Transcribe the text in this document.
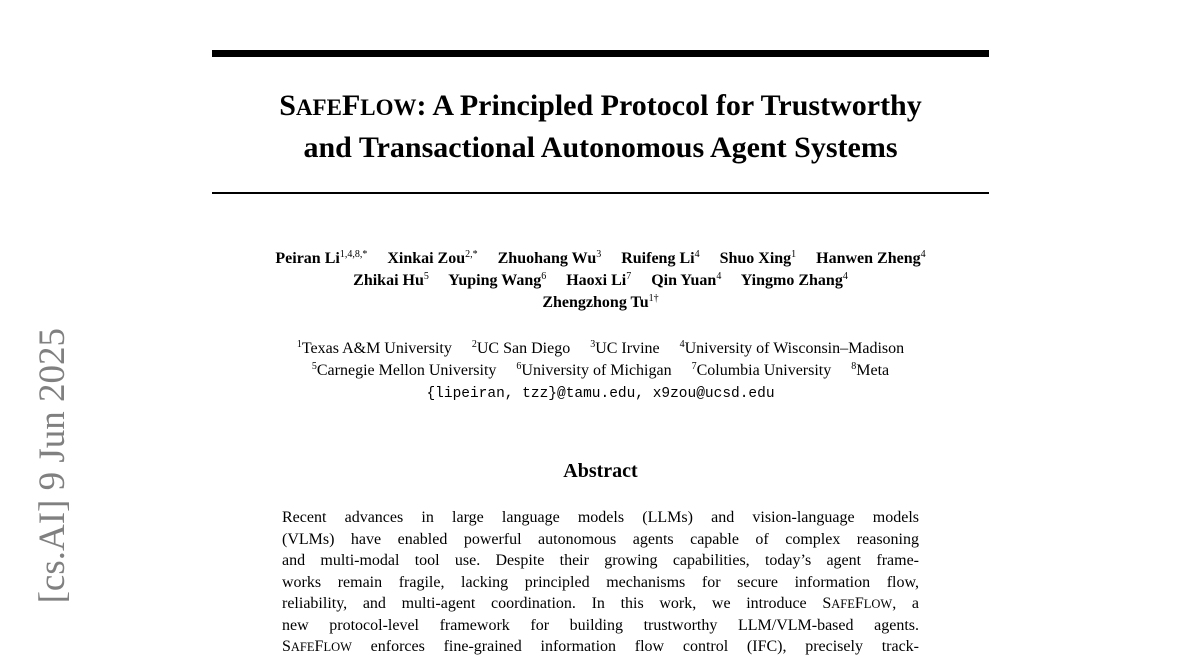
[cs.AI] 9 Jun 2025
SAFEFLOW: A Principled Protocol for Trustworthy
and Transactional Autonomous Agent Systems
Peiran $Li^{1,4,8,*}$ Xinkai Zou$^{2,*}$ Zhuohang Wu$^3$ Ruifeng Li$^4$ Shuo Xing$^1$ Hanwen Zheng$^4$
Zhikai Hu$^5$ Yuping Wang$^6$ Haoxi Li$^7$ Qin Yuan$^4$ Yingmo Zhang$^4$
Zhengzhong $Tu^{1\dagger}$
$^1$Texas A&M University $^2$UC San Diego $^3$UC Irvine $^4$University of Wisconsin–Madison
$^5$Carnegie Mellon University $^6$University of Michigan $^7$Columbia University $^8$Meta
{lipeiran, tzz}@tamu.edu, x9zou@ucsd.edu
Abstract
Recent advances in large language models (LLMs) and vision-language models
(VLMs) have enabled powerful autonomous agents capable of complex reasoning
and multi-modal tool use. Despite their growing capabilities, today’s agent frame-
works remain fragile, lacking principled mechanisms for secure information flow,
reliability, and multi-agent coordination. In this work, we introduce SAFEFLOW, a
new protocol-level framework for building trustworthy LLM/VLM-based agents.
SAFEFLOW enforces fine-grained information flow control (IFC), precisely track-
